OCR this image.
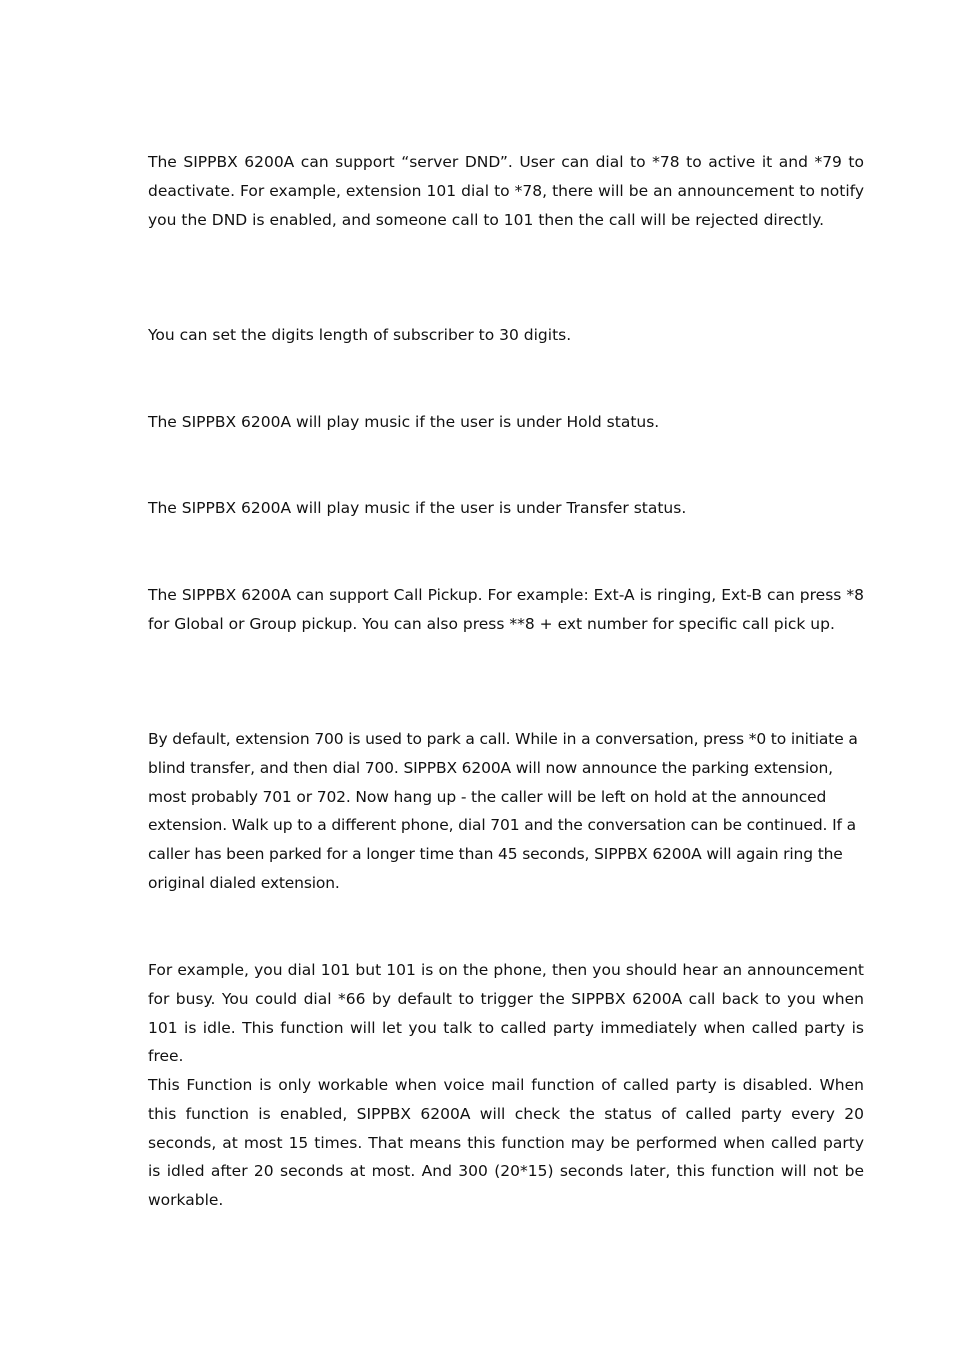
The SIPPBX 6200A can support “server DND”. User can dial to *78 to active it and *79 to deactivate. For example, extension 101 dial to *78, there will be an announcement to notify you the DND is enabled, and someone call to 101 then the call will be rejected directly.

You can set the digits length of subscriber to 30 digits.

The SIPPBX 6200A will play music if the user is under Hold status.

The SIPPBX 6200A will play music if the user is under Transfer status.

The SIPPBX 6200A can support Call Pickup. For example: Ext-A is ringing, Ext-B can press *8 for Global or Group pickup. You can also press **8 + ext number for specific call pick up.

By default, extension 700 is used to park a call. While in a conversation, press *0 to initiate a blind transfer, and then dial 700. SIPPBX 6200A will now announce the parking extension, most probably 701 or 702. Now hang up - the caller will be left on hold at the announced extension. Walk up to a different phone, dial 701 and the conversation can be continued. If a caller has been parked for a longer time than 45 seconds, SIPPBX 6200A will again ring the original dialed extension.

For example, you dial 101 but 101 is on the phone, then you should hear an announcement for busy. You could dial *66 by default to trigger the SIPPBX 6200A call back to you when 101 is idle. This function will let you talk to called party immediately when called party is free.

This Function is only workable when voice mail function of called party is disabled. When this function is enabled, SIPPBX 6200A will check the status of called party every 20 seconds, at most 15 times. That means this function may be performed when called party is idled after 20 seconds at most. And 300 (20*15) seconds later, this function will not be workable.
